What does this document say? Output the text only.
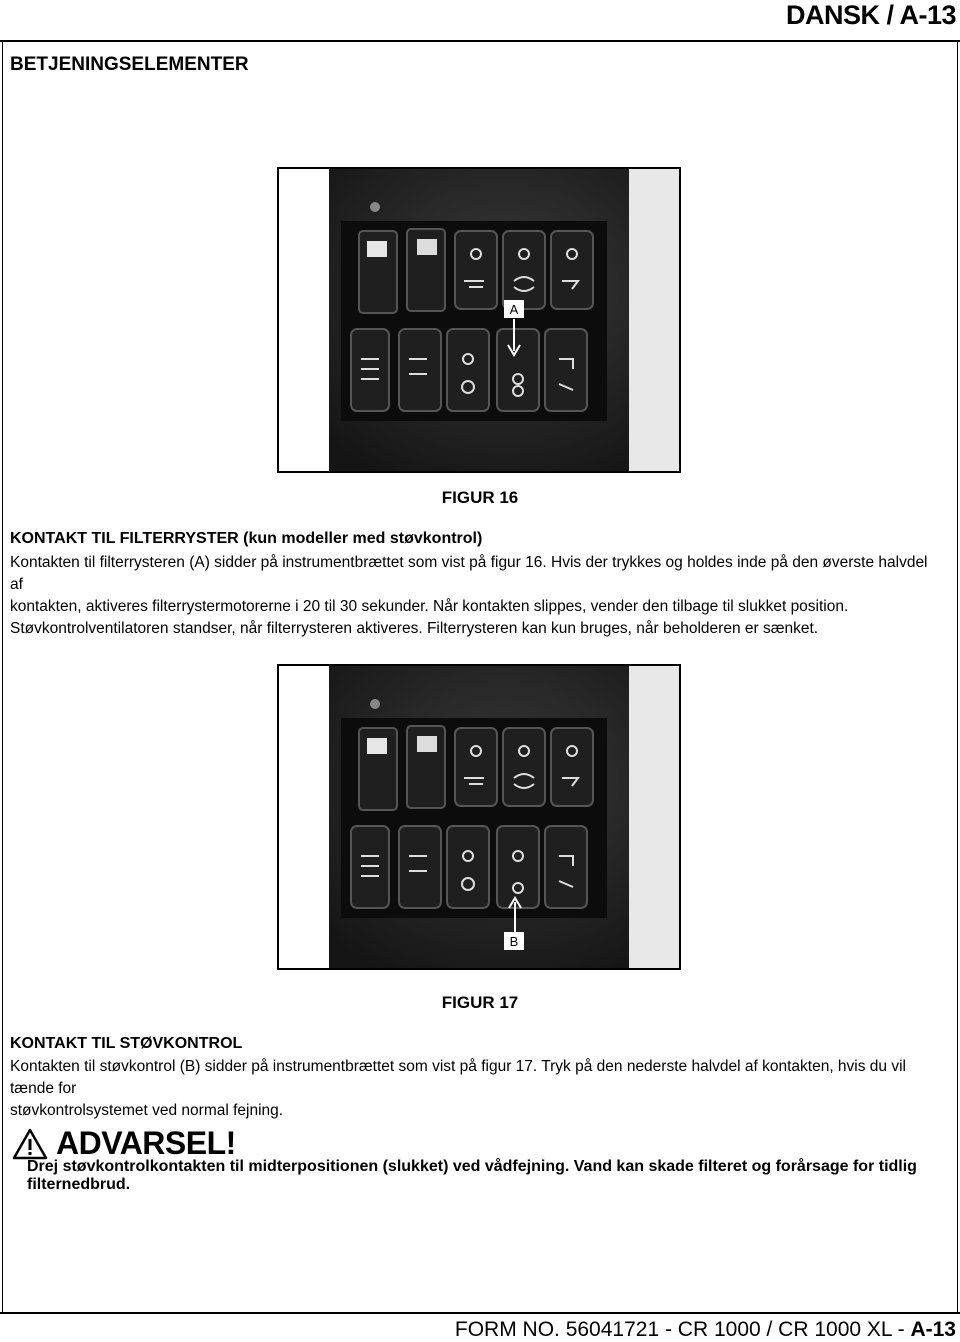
DANSK / A-13
BETJENINGSELEMENTER
A
FIGUR 16
KONTAKT TIL FILTERRYSTER (kun modeller med støvkontrol)
Kontakten til filterrysteren (A) sidder på instrumentbrættet som vist på figur 16. Hvis der trykkes og holdes inde på den øverste halvdel af
kontakten, aktiveres filterrystermotorerne i 20 til 30 sekunder. Når kontakten slippes, vender den tilbage til slukket position.
Støvkontrolventilatoren standser, når filterrysteren aktiveres. Filterrysteren kan kun bruges, når beholderen er sænket.
B
FIGUR 17
KONTAKT TIL STØVKONTROL
Kontakten til støvkontrol (B) sidder på instrumentbrættet som vist på figur 17. Tryk på den nederste halvdel af kontakten, hvis du vil tænde for
støvkontrolsystemet ved normal fejning.
ADVARSEL!
Drej støvkontrolkontakten til midterpositionen (slukket) ved vådfejning. Vand kan skade filteret og forårsage for tidlig filternedbrud.
FORM NO. 56041721 - CR 1000 / CR 1000 XL - A-13
